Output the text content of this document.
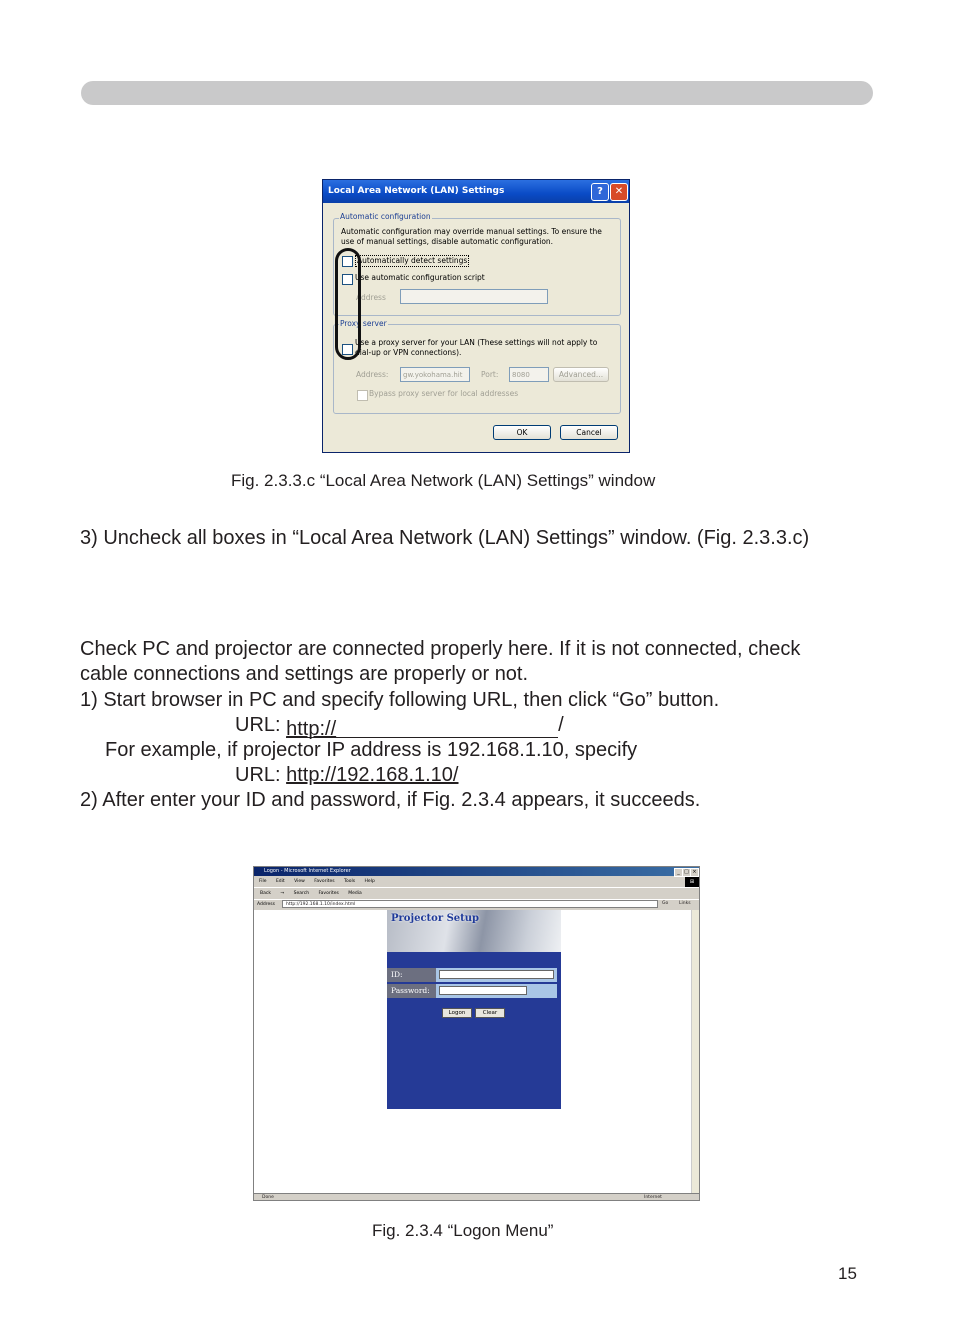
Local Area Network (LAN) Settings	?	✕
Automatic configuration
Automatic configuration may override manual settings. To ensure the
use of manual settings, disable automatic configuration.
Automatically detect settings
Use automatic configuration script
Address
Proxy server
Use a proxy server for your LAN (These settings will not apply to
dial-up or VPN connections).
Address:	gw.yokohama.hit	Port:	8080	Advanced...
Bypass proxy server for local addresses
OK	Cancel
Fig. 2.3.3.c “Local Area Network (LAN) Settings” window
3) Uncheck all boxes in “Local Area Network (LAN) Settings” window. (Fig. 2.3.3.c)
Check PC and projector are connected properly here. If it is not connected, check
cable connections and settings are properly or not.
1) Start browser in PC and specify following URL, then click “Go” button.
URL: http://	/
For example, if projector IP address is 192.168.1.10, specify
URL: http://192.168.1.10/
2) After enter your ID and password, if Fig. 2.3.4 appears, it succeeds.
Logon - Microsoft Internet Explorer	_ □ ×
File Edit View Favorites Tools Help	⊞
Back → Search Favorites Media
Address	http://192.168.1.10/index.html	Go Links
Projector Setup
ID:
Password:
Logon	Clear
Done	Internet
Fig. 2.3.4 “Logon Menu”
15
